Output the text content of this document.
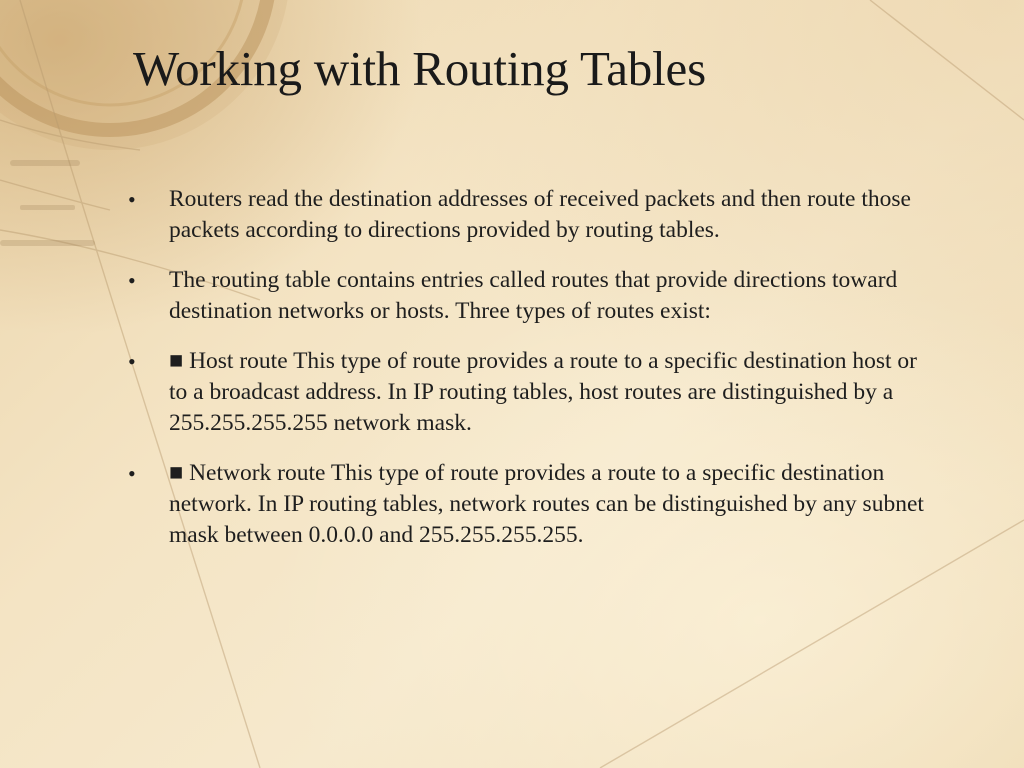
Working with Routing Tables
•	Routers read the destination addresses of received packets and then route those packets according to directions provided by routing tables.
•	The routing table contains entries called routes that provide directions toward destination networks or hosts. Three types of routes exist:
•	■ Host route This type of route provides a route to a specific destination host or to a broadcast address. In IP routing tables, host routes are distinguished by a 255.255.255.255 network mask.
•	■ Network route This type of route provides a route to a specific destination network. In IP routing tables, network routes can be distinguished by any subnet mask between 0.0.0.0 and 255.255.255.255.
